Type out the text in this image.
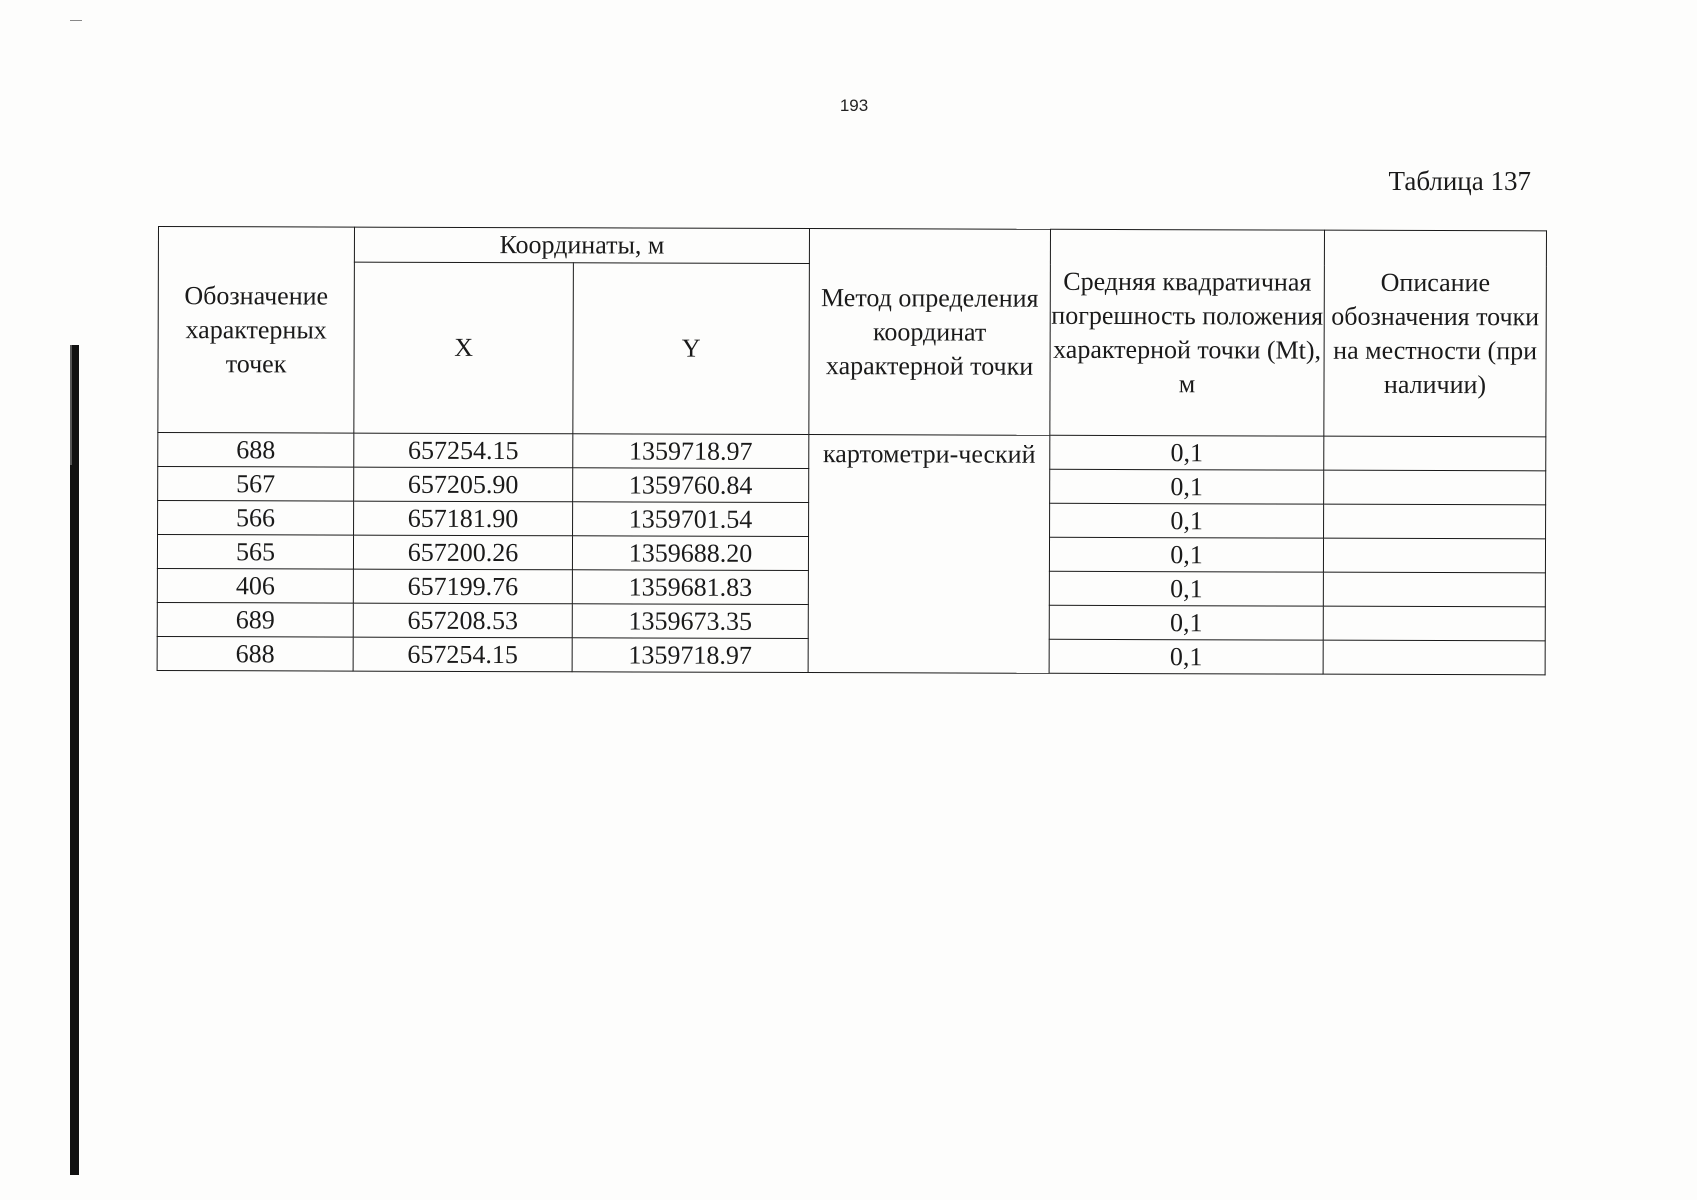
193
Таблица 137
Обозначение характерных точек	Координаты, м		Метод определения координат характерной точки	Средняя квадратичная погрешность положения характерной точки (Mt), м	Описание обозначения точки на местности (при наличии)
	X	Y			
688	657254.15	1359718.97	картометри-ческий	0,1	
567	657205.90	1359760.84		0,1	
566	657181.90	1359701.54		0,1	
565	657200.26	1359688.20		0,1	
406	657199.76	1359681.83		0,1	
689	657208.53	1359673.35		0,1	
688	657254.15	1359718.97		0,1	
